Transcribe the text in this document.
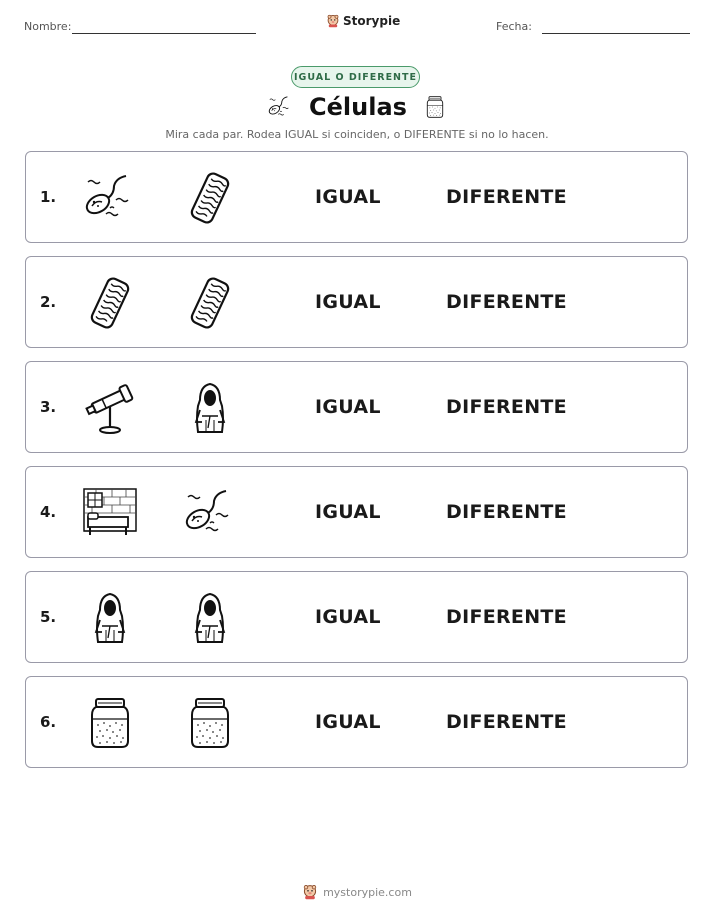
Nombre:	Storypie	Fecha:
IGUAL O DIFERENTE
Células
Mira cada par. Rodea IGUAL si coinciden, o DIFERENTE si no lo hacen.
1.	IGUAL	DIFERENTE
2.	IGUAL	DIFERENTE
3.	IGUAL	DIFERENTE
4.	IGUAL	DIFERENTE
5.	IGUAL	DIFERENTE
6.	IGUAL	DIFERENTE
mystorypie.com
